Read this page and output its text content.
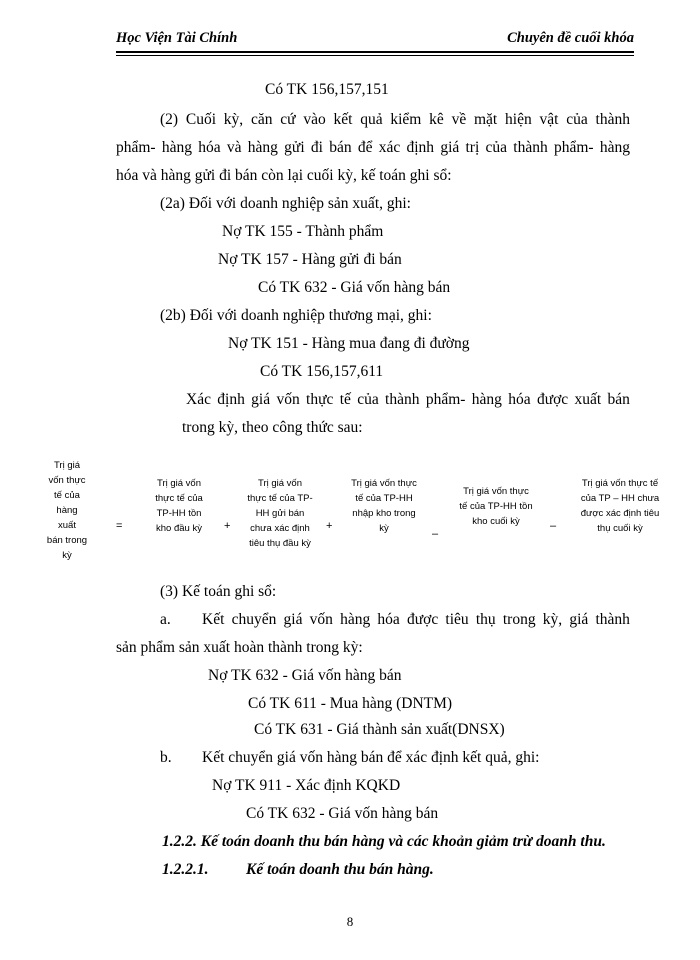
Học Viện Tài Chính	Chuyên đề cuối khóa
Có TK 156,157,151
(2) Cuối kỳ, căn cứ vào kết quả kiểm kê về mặt hiện vật của thành
phẩm- hàng hóa và hàng gửi đi bán để xác định giá trị của thành phẩm- hàng
hóa và hàng gửi đi bán còn lại cuối kỳ, kế toán ghi sổ:
(2a) Đối với doanh nghiệp sản xuất, ghi:
Nợ TK 155 - Thành phẩm
Nợ TK 157 - Hàng gửi đi bán
Có TK 632 - Giá vốn hàng bán
(2b) Đối với doanh nghiệp thương mại, ghi:
Nợ TK 151 - Hàng mua đang đi đường
Có TK 156,157,611
Xác định giá vốn thực tế của thành phẩm- hàng hóa được xuất bán
trong kỳ, theo công thức sau:
Trị giá
vốn thực
tế của
hàng
xuất
bán trong
kỳ
=
Trị giá vốn
thực tế của
TP-HH tồn
kho đầu kỳ	+
Trị giá vốn
thực tế của TP-
HH gửi bán
chưa xác định
tiêu thụ đầu kỳ
+
Trị giá vốn thực
tế của TP-HH
nhập kho trong
kỳ	–
Trị giá vốn thực
tế của TP-HH tồn
kho cuối kỳ	–
Trị giá vốn thực tế
của TP – HH chưa
được xác định tiêu
thụ cuối kỳ
(3) Kế toán ghi sổ:
a. Kết chuyển giá vốn hàng hóa được tiêu thụ trong kỳ, giá thành
sản phẩm sản xuất hoàn thành trong kỳ:
Nợ TK 632 - Giá vốn hàng bán
Có TK 611 - Mua hàng (DNTM)
Có TK 631 - Giá thành sản xuất(DNSX)
b. Kết chuyển giá vốn hàng bán để xác định kết quả, ghi:
Nợ TK 911 - Xác định KQKD
Có TK 632 - Giá vốn hàng bán
1.2.2. Kế toán doanh thu bán hàng và các khoản giảm trừ doanh thu.
1.2.2.1. Kế toán doanh thu bán hàng.
8
